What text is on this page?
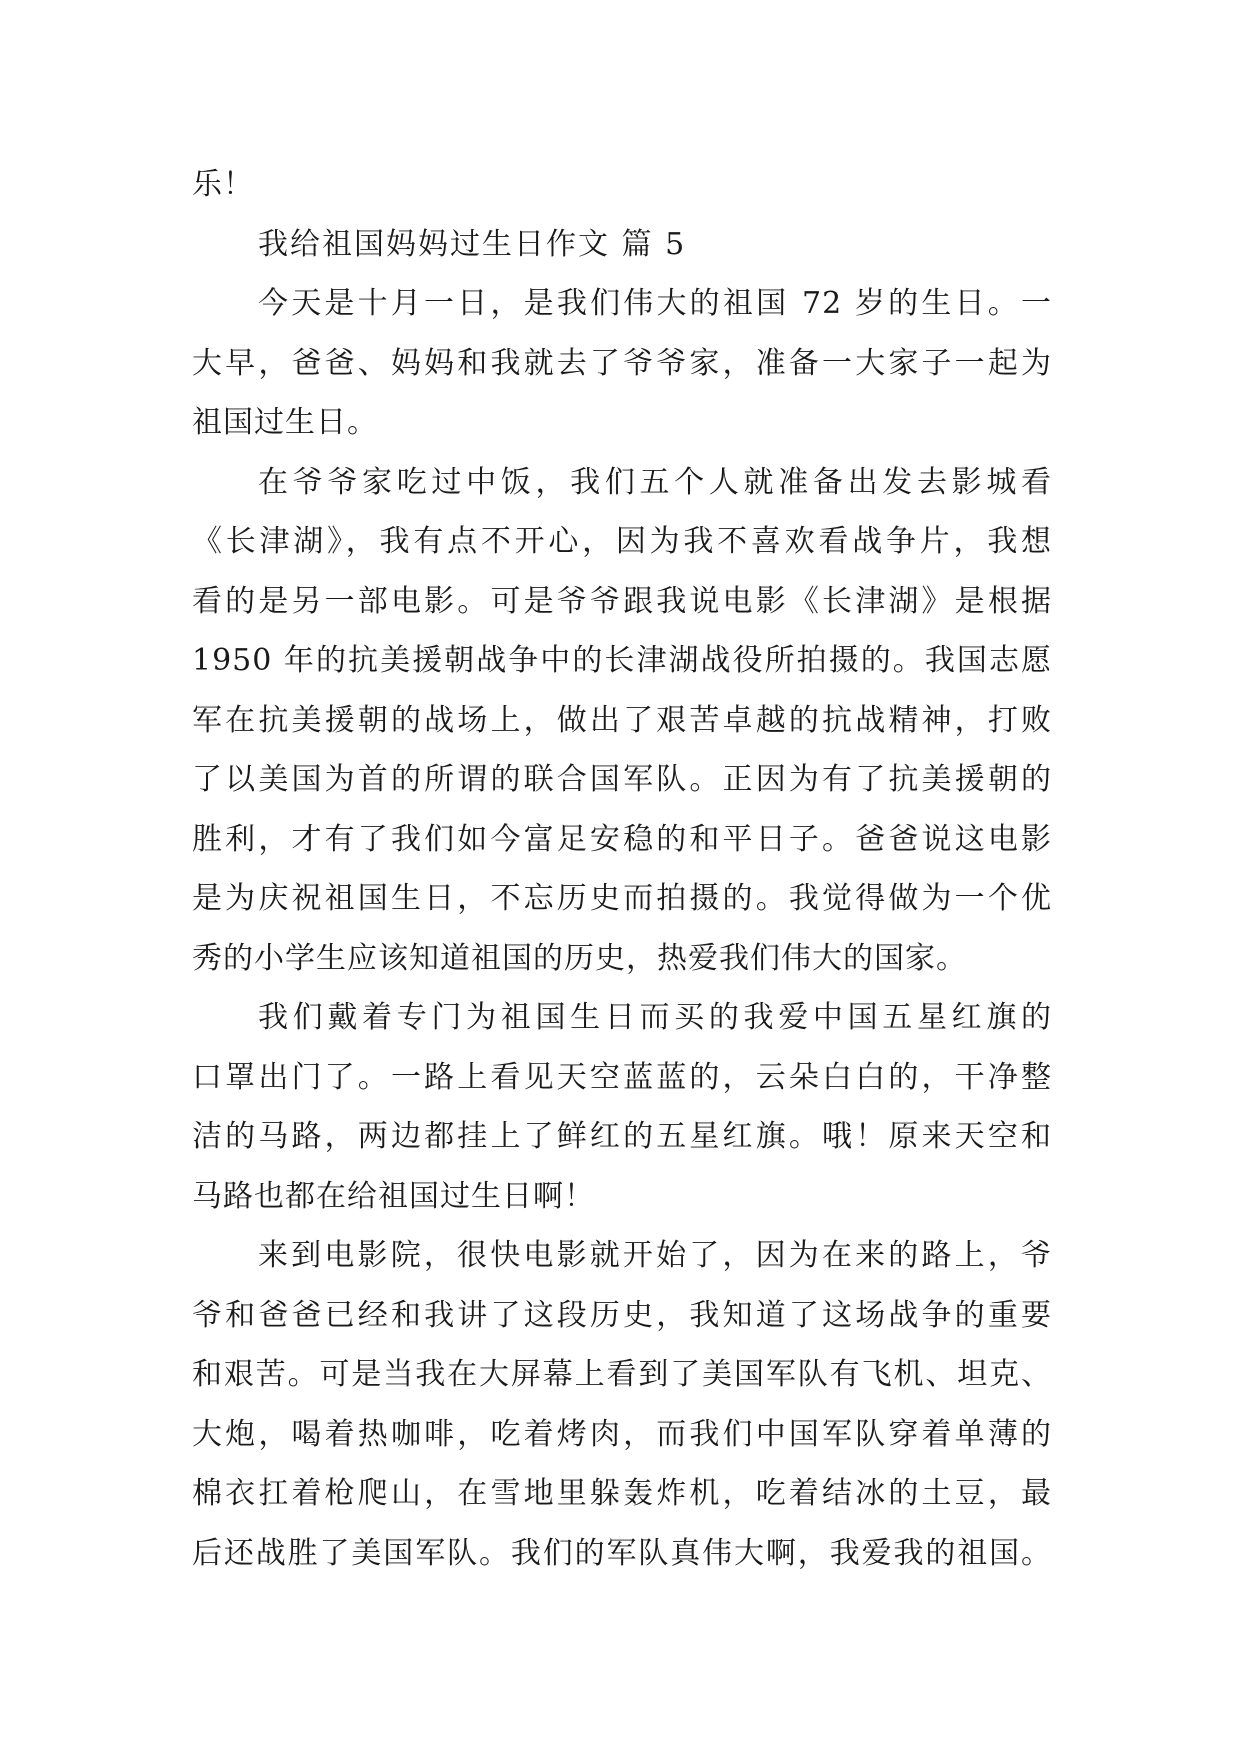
乐！
我给祖国妈妈过生日作文 篇 5
今天是十月一日，是我们伟大的祖国 72 岁的生日。一
大早，爸爸、妈妈和我就去了爷爷家，准备一大家子一起为
祖国过生日。
在爷爷家吃过中饭，我们五个人就准备出发去影城看
《长津湖》，我有点不开心，因为我不喜欢看战争片，我想
看的是另一部电影。可是爷爷跟我说电影《长津湖》是根据
1950 年的抗美援朝战争中的长津湖战役所拍摄的。我国志愿
军在抗美援朝的战场上，做出了艰苦卓越的抗战精神，打败
了以美国为首的所谓的联合国军队。正因为有了抗美援朝的
胜利，才有了我们如今富足安稳的和平日子。爸爸说这电影
是为庆祝祖国生日，不忘历史而拍摄的。我觉得做为一个优
秀的小学生应该知道祖国的历史，热爱我们伟大的国家。
我们戴着专门为祖国生日而买的我爱中国五星红旗的
口罩出门了。一路上看见天空蓝蓝的，云朵白白的，干净整
洁的马路，两边都挂上了鲜红的五星红旗。哦！原来天空和
马路也都在给祖国过生日啊！
来到电影院，很快电影就开始了，因为在来的路上，爷
爷和爸爸已经和我讲了这段历史，我知道了这场战争的重要
和艰苦。可是当我在大屏幕上看到了美国军队有飞机、坦克、
大炮，喝着热咖啡，吃着烤肉，而我们中国军队穿着单薄的
棉衣扛着枪爬山，在雪地里躲轰炸机，吃着结冰的土豆，最
后还战胜了美国军队。我们的军队真伟大啊，我爱我的祖国。
